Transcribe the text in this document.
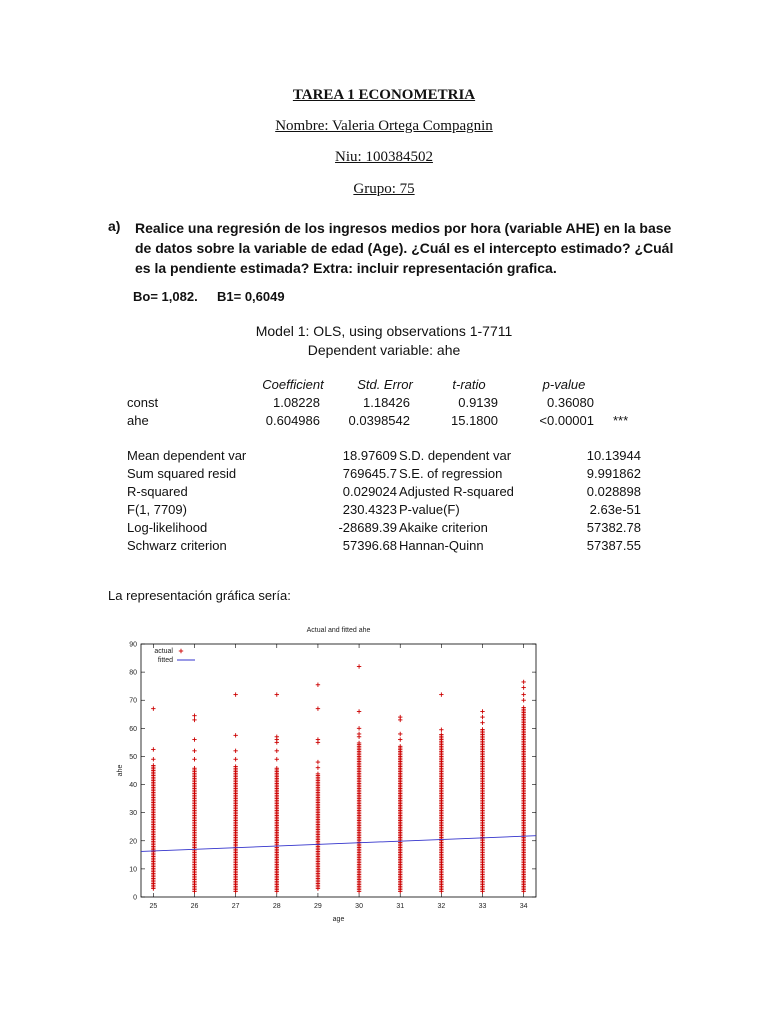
TAREA 1 ECONOMETRIA
Nombre: Valeria Ortega Compagnin
Niu: 100384502
Grupo: 75
a) Realice una regresión de los ingresos medios por hora (variable AHE) en la base de datos sobre la variable de edad (Age). ¿Cuál es el intercepto estimado? ¿Cuál es la pendiente estimada? Extra: incluir representación grafica.
Bo= 1,082. B1= 0,6049
Model 1: OLS, using observations 1-7711
Dependent variable: ahe
Coefficient	Std. Error	t-ratio	p-value
const	1.08228	1.18426	0.9139	0.36080
ahe	0.604986	0.0398542	15.1800	<0.00001 ***
Mean dependent var	18.97609 S.D. dependent var	10.13944
Sum squared resid	769645.7 S.E. of regression	9.991862
R-squared	0.029024 Adjusted R-squared	0.028898
F(1, 7709)	230.4323 P-value(F)	2.63e-51
Log-likelihood	-28689.39 Akaike criterion	57382.78
Schwarz criterion	57396.68 Hannan-Quinn	57387.55
La representación gráfica sería:
Actual and fitted ahe
0
10
20
30
40
50
60
70
80
90
25	26	27	28	29	30	31	32	33	34
age
ahe
actual
fitted
